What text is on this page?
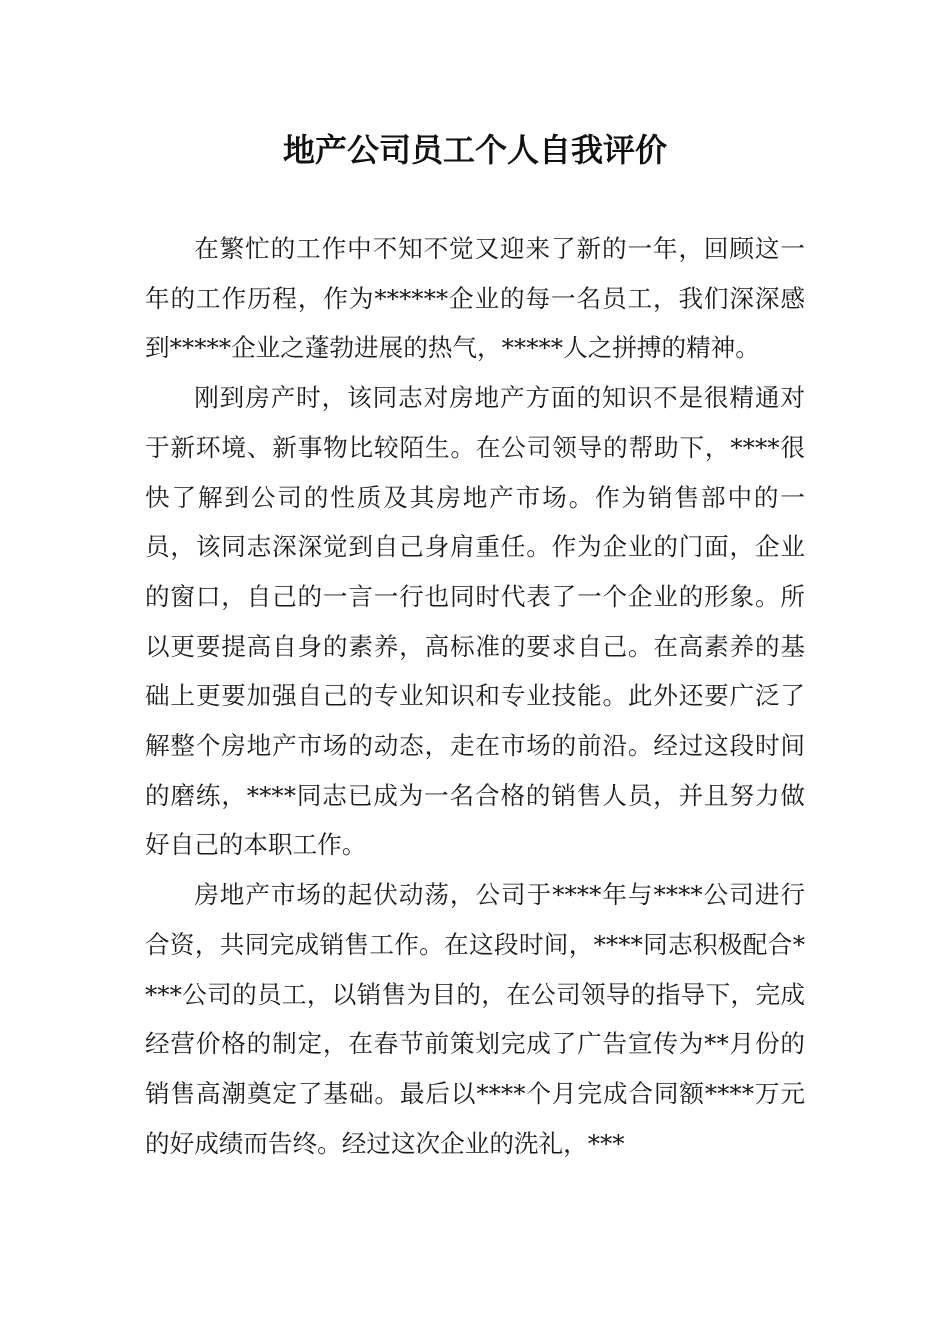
地产公司员工个人自我评价

在繁忙的工作中不知不觉又迎来了新的一年，回顾这一年的工作历程，作为******企业的每一名员工，我们深深感到*****企业之蓬勃进展的热气，*****人之拼搏的精神。

刚到房产时，该同志对房地产方面的知识不是很精通对于新环境、新事物比较陌生。在公司领导的帮助下，****很快了解到公司的性质及其房地产市场。作为销售部中的一员，该同志深深觉到自己身肩重任。作为企业的门面，企业的窗口，自己的一言一行也同时代表了一个企业的形象。所以更要提高自身的素养，高标准的要求自己。在高素养的基础上更要加强自己的专业知识和专业技能。此外还要广泛了解整个房地产市场的动态，走在市场的前沿。经过这段时间的磨练，****同志已成为一名合格的销售人员，并且努力做好自己的本职工作。

房地产市场的起伏动荡，公司于****年与****公司进行合资，共同完成销售工作。在这段时间，****同志积极配合****公司的员工，以销售为目的，在公司领导的指导下，完成经营价格的制定，在春节前策划完成了广告宣传为**月份的销售高潮奠定了基础。最后以****个月完成合同额****万元的好成绩而告终。经过这次企业的洗礼，***
